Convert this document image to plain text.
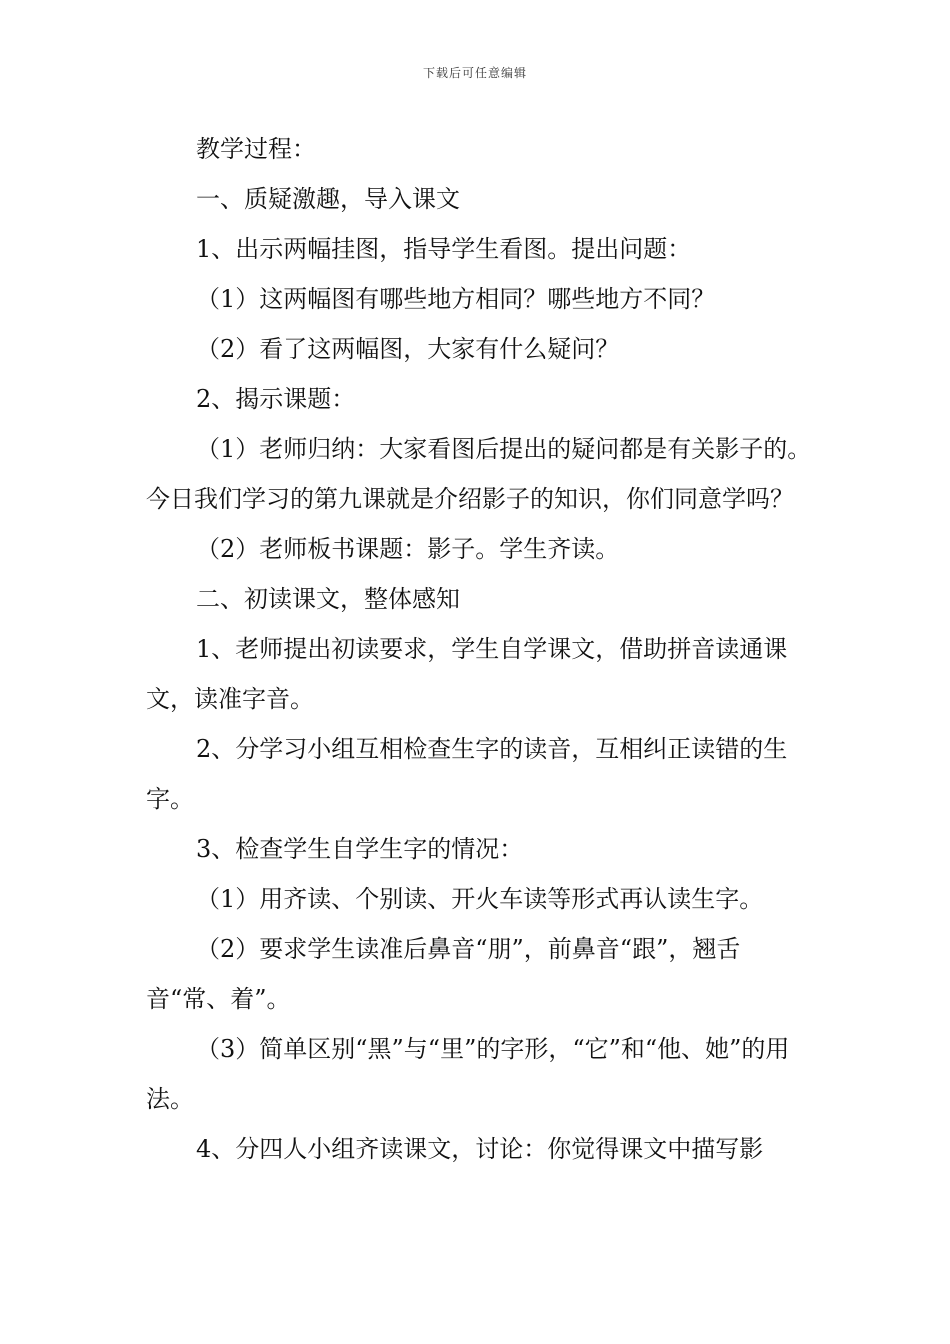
下载后可任意编辑

教学过程：

一、质疑激趣，导入课文

1、出示两幅挂图，指导学生看图。提出问题：

（1）这两幅图有哪些地方相同？哪些地方不同？

（2）看了这两幅图，大家有什么疑问？

2、揭示课题：

（1）老师归纳：大家看图后提出的疑问都是有关影子的。今日我们学习的第九课就是介绍影子的知识，你们同意学吗？

（2）老师板书课题：影子。学生齐读。

二、初读课文，整体感知

1、老师提出初读要求，学生自学课文，借助拼音读通课文，读准字音。

2、分学习小组互相检查生字的读音，互相纠正读错的生字。

3、检查学生自学生字的情况：

（1）用齐读、个别读、开火车读等形式再认读生字。

（2）要求学生读准后鼻音“朋”，前鼻音“跟”，翘舌音“常、着”。

（3）简单区别“黑”与“里”的字形，“它”和“他、她”的用法。

4、分四人小组齐读课文，讨论：你觉得课文中描写影
